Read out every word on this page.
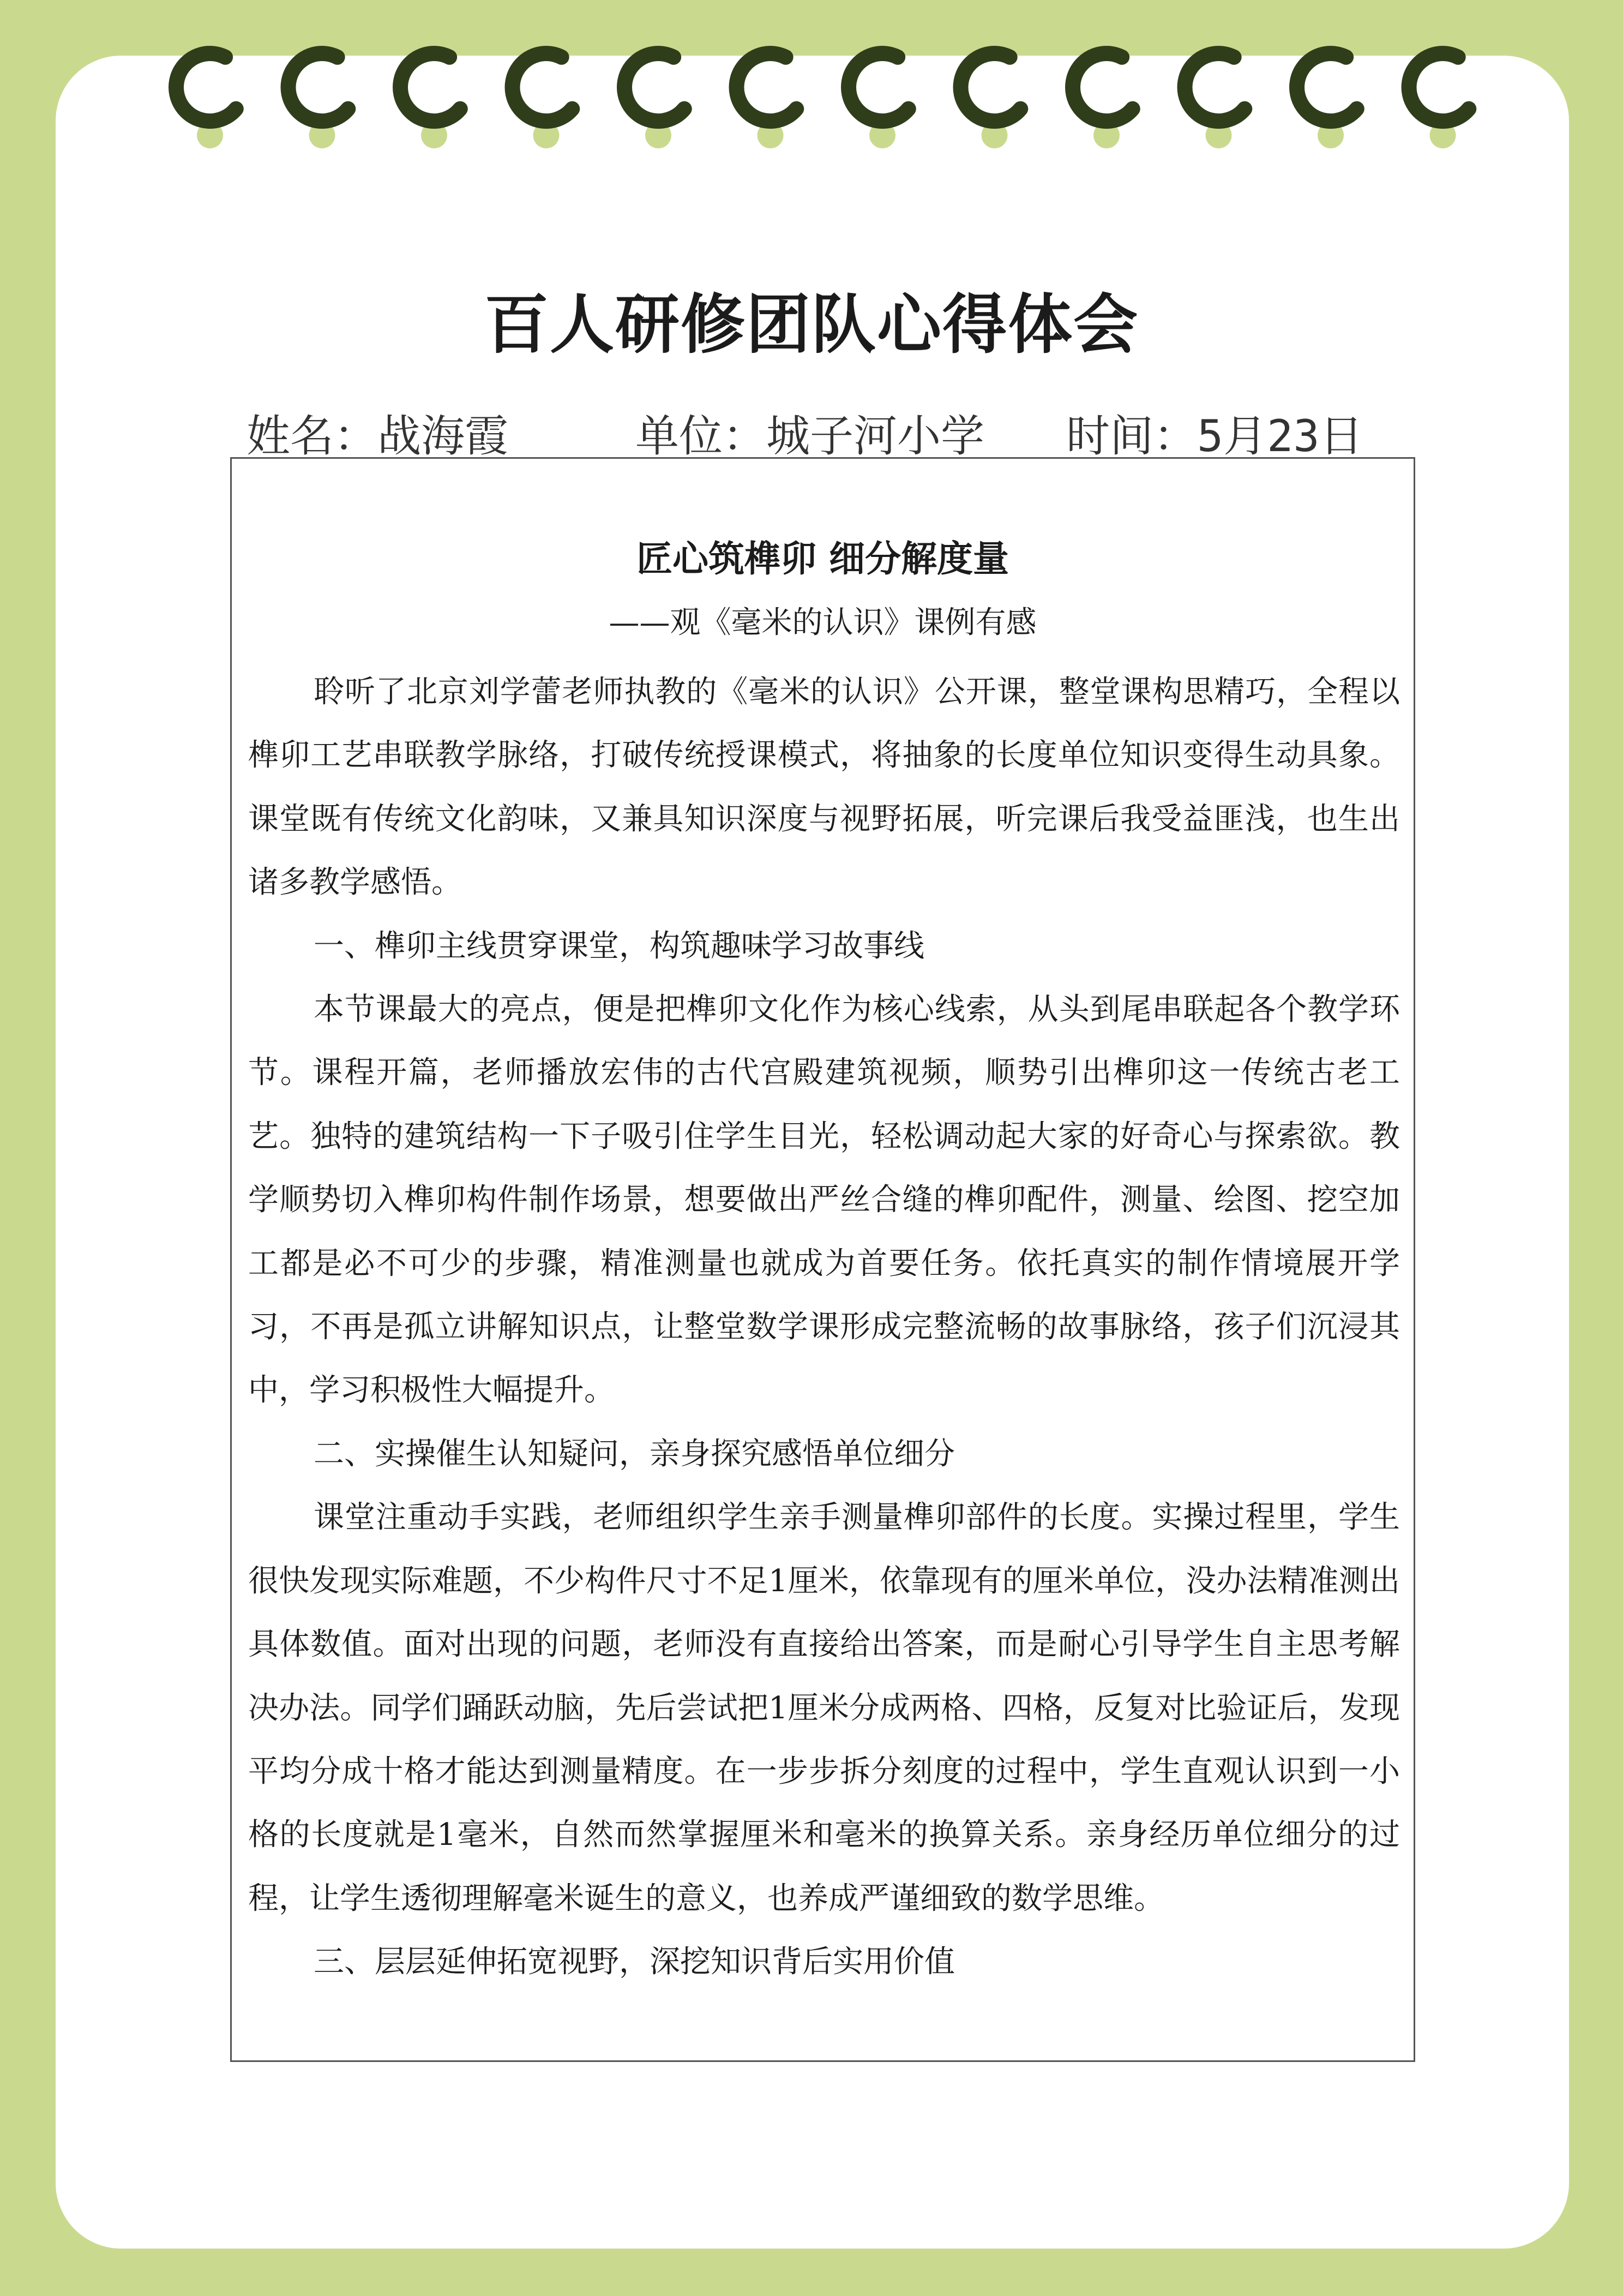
百人研修团队心得体会
姓名：战海霞	单位：城子河小学 时间：5月23日
匠心筑榫卯 细分解度量
——观《毫米的认识》课例有感

聆听了北京刘学蕾老师执教的《毫米的认识》公开课，整堂课构思精巧，全程以榫卯工艺串联教学脉络，打破传统授课模式，将抽象的长度单位知识变得生动具象。课堂既有传统文化韵味，又兼具知识深度与视野拓展，听完课后我受益匪浅，也生出诸多教学感悟。

一、榫卯主线贯穿课堂，构筑趣味学习故事线

本节课最大的亮点，便是把榫卯文化作为核心线索，从头到尾串联起各个教学环节。课程开篇，老师播放宏伟的古代宫殿建筑视频，顺势引出榫卯这一传统古老工艺。独特的建筑结构一下子吸引住学生目光，轻松调动起大家的好奇心与探索欲。教学顺势切入榫卯构件制作场景，想要做出严丝合缝的榫卯配件，测量、绘图、挖空加工都是必不可少的步骤，精准测量也就成为首要任务。依托真实的制作情境展开学习，不再是孤立讲解知识点，让整堂数学课形成完整流畅的故事脉络，孩子们沉浸其中，学习积极性大幅提升。

二、实操催生认知疑问，亲身探究感悟单位细分

课堂注重动手实践，老师组织学生亲手测量榫卯部件的长度。实操过程里，学生很快发现实际难题，不少构件尺寸不足1厘米，依靠现有的厘米单位，没办法精准测出具体数值。面对出现的问题，老师没有直接给出答案，而是耐心引导学生自主思考解决办法。同学们踊跃动脑，先后尝试把1厘米分成两格、四格，反复对比验证后，发现平均分成十格才能达到测量精度。在一步步拆分刻度的过程中，学生直观认识到一小格的长度就是1毫米，自然而然掌握厘米和毫米的换算关系。亲身经历单位细分的过程，让学生透彻理解毫米诞生的意义，也养成严谨细致的数学思维。

三、层层延伸拓宽视野，深挖知识背后实用价值
